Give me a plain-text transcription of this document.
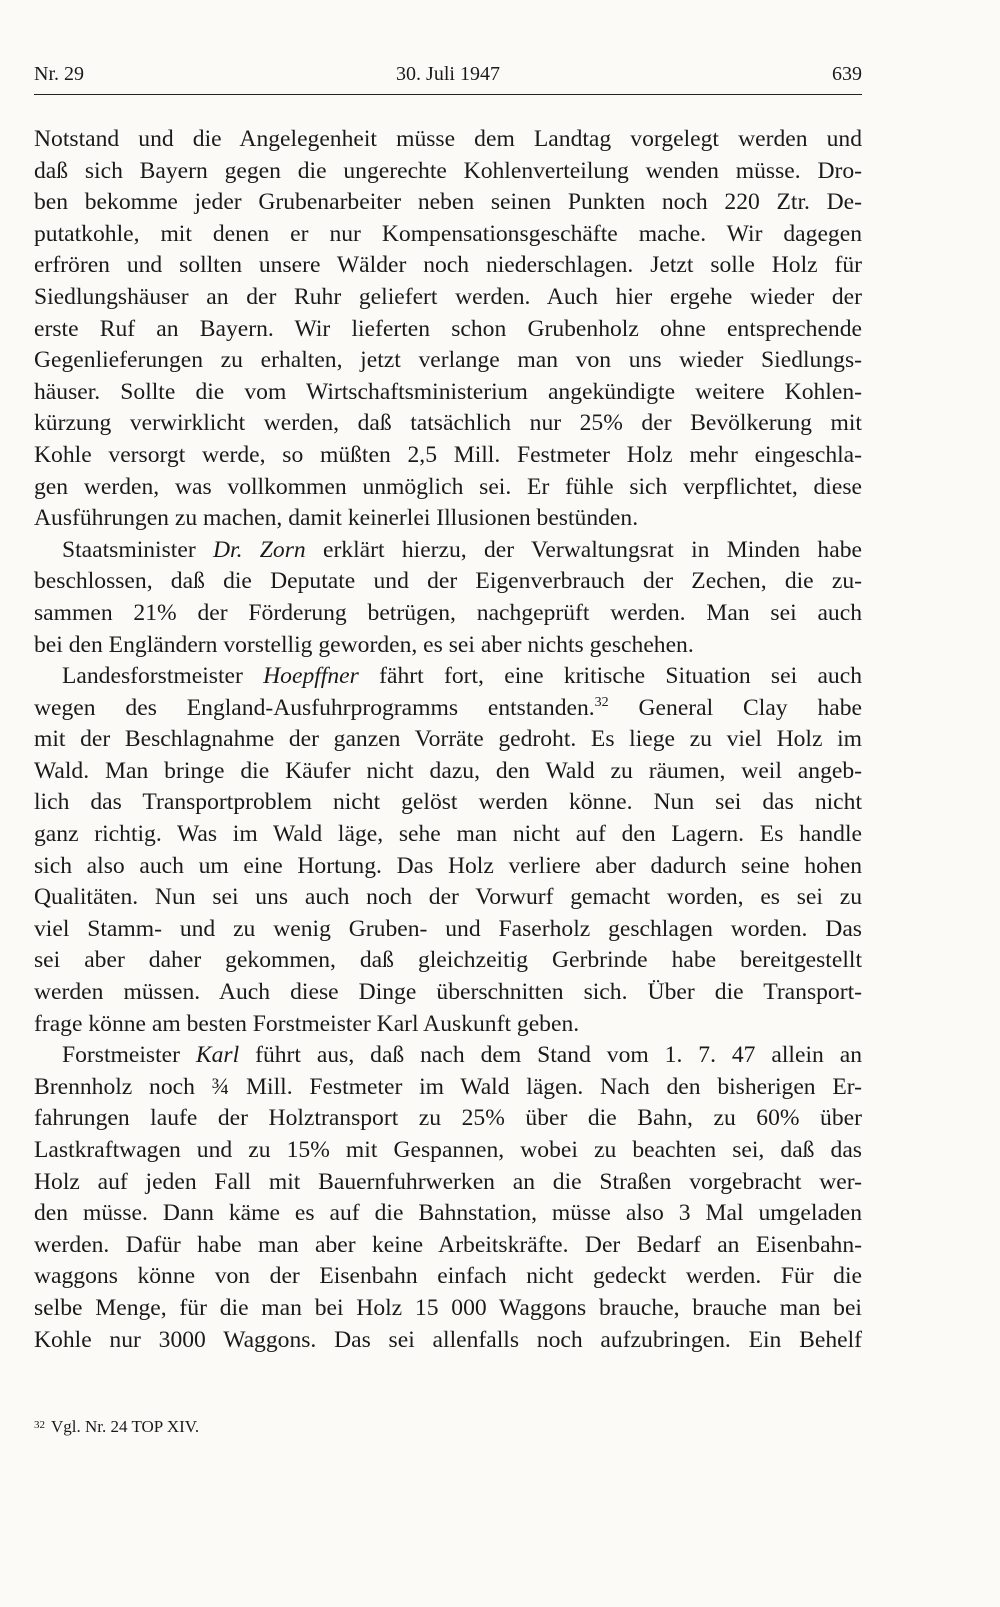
Nr. 29	30. Juli 1947	639
Notstand und die Angelegenheit müsse dem Landtag vorgelegt werden und
daß sich Bayern gegen die ungerechte Kohlenverteilung wenden müsse. Dro-
ben bekomme jeder Grubenarbeiter neben seinen Punkten noch 220 Ztr. De-
putatkohle, mit denen er nur Kompensationsgeschäfte mache. Wir dagegen
erfrören und sollten unsere Wälder noch niederschlagen. Jetzt solle Holz für
Siedlungshäuser an der Ruhr geliefert werden. Auch hier ergehe wieder der
erste Ruf an Bayern. Wir lieferten schon Grubenholz ohne entsprechende
Gegenlieferungen zu erhalten, jetzt verlange man von uns wieder Siedlungs-
häuser. Sollte die vom Wirtschaftsministerium angekündigte weitere Kohlen-
kürzung verwirklicht werden, daß tatsächlich nur 25% der Bevölkerung mit
Kohle versorgt werde, so müßten 2,5 Mill. Festmeter Holz mehr eingeschla-
gen werden, was vollkommen unmöglich sei. Er fühle sich verpflichtet, diese
Ausführungen zu machen, damit keinerlei Illusionen bestünden.
Staatsminister Dr. Zorn erklärt hierzu, der Verwaltungsrat in Minden habe
beschlossen, daß die Deputate und der Eigenverbrauch der Zechen, die zu-
sammen 21% der Förderung betrügen, nachgeprüft werden. Man sei auch
bei den Engländern vorstellig geworden, es sei aber nichts geschehen.
Landesforstmeister Hoepffner fährt fort, eine kritische Situation sei auch
wegen des England-Ausfuhrprogramms entstanden.$^{32}$ General Clay habe
mit der Beschlagnahme der ganzen Vorräte gedroht. Es liege zu viel Holz im
Wald. Man bringe die Käufer nicht dazu, den Wald zu räumen, weil angeb-
lich das Transportproblem nicht gelöst werden könne. Nun sei das nicht
ganz richtig. Was im Wald läge, sehe man nicht auf den Lagern. Es handle
sich also auch um eine Hortung. Das Holz verliere aber dadurch seine hohen
Qualitäten. Nun sei uns auch noch der Vorwurf gemacht worden, es sei zu
viel Stamm- und zu wenig Gruben- und Faserholz geschlagen worden. Das
sei aber daher gekommen, daß gleichzeitig Gerbrinde habe bereitgestellt
werden müssen. Auch diese Dinge überschnitten sich. Über die Transport-
frage könne am besten Forstmeister Karl Auskunft geben.
Forstmeister Karl führt aus, daß nach dem Stand vom 1. 7. 47 allein an
Brennholz noch ¾ Mill. Festmeter im Wald lägen. Nach den bisherigen Er-
fahrungen laufe der Holztransport zu 25% über die Bahn, zu 60% über
Lastkraftwagen und zu 15% mit Gespannen, wobei zu beachten sei, daß das
Holz auf jeden Fall mit Bauernfuhrwerken an die Straßen vorgebracht wer-
den müsse. Dann käme es auf die Bahnstation, müsse also 3 Mal umgeladen
werden. Dafür habe man aber keine Arbeitskräfte. Der Bedarf an Eisenbahn-
waggons könne von der Eisenbahn einfach nicht gedeckt werden. Für die
selbe Menge, für die man bei Holz 15 000 Waggons brauche, brauche man bei
Kohle nur 3000 Waggons. Das sei allenfalls noch aufzubringen. Ein Behelf
$^{32}$ Vgl. Nr. 24 TOP XIV.
